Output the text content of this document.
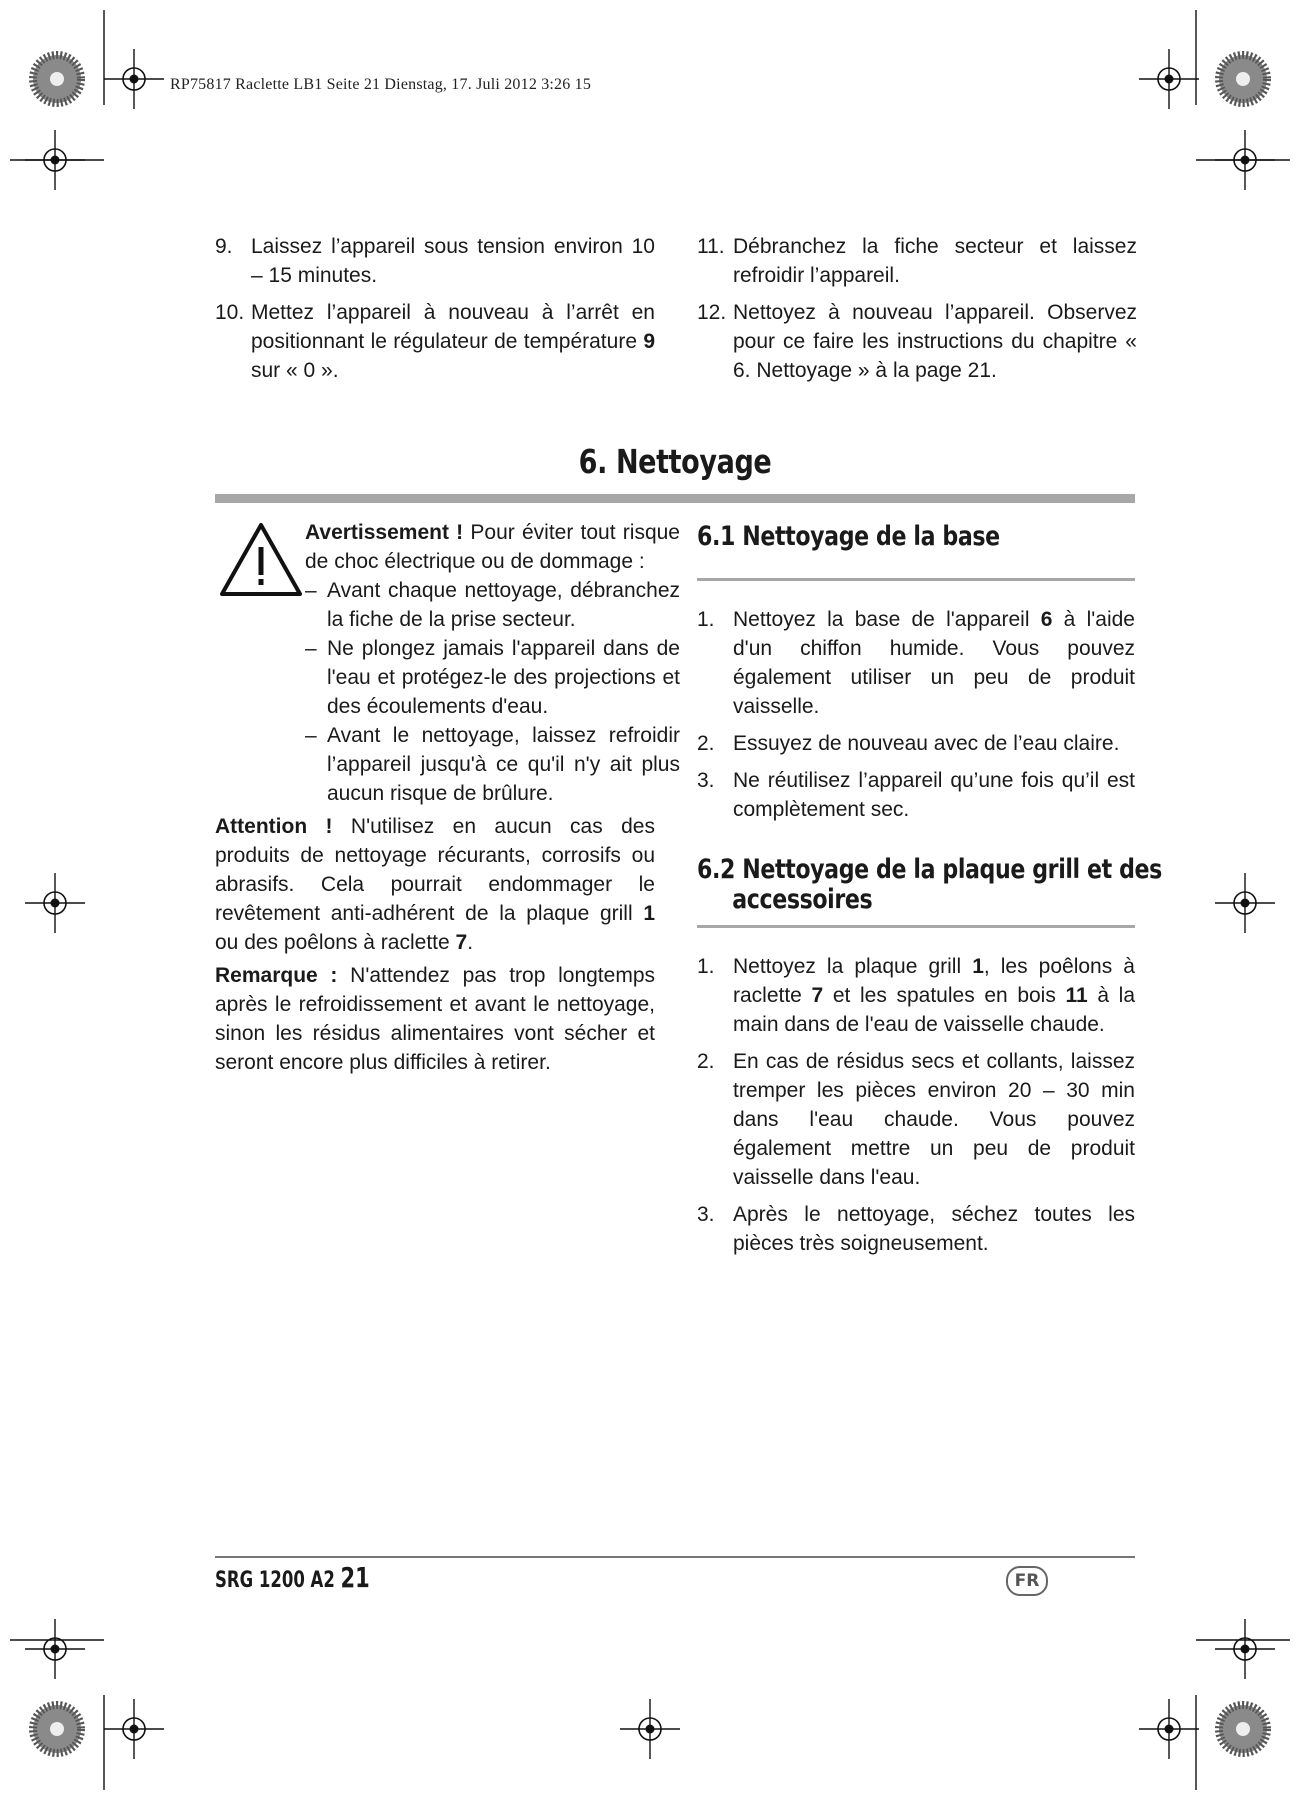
RP75817 Raclette LB1 Seite 21 Dienstag, 17. Juli 2012 3:26 15
9. Laissez l’appareil sous tension environ 10 – 15 minutes.
10. Mettez l’appareil à nouveau à l’arrêt en positionnant le régulateur de température 9 sur « 0 ».
11. Débranchez la fiche secteur et laissez refroidir l’appareil.
12. Nettoyez à nouveau l’appareil. Observez pour ce faire les instructions du chapitre « 6. Nettoyage » à la page 21.
6. Nettoyage
Avertissement ! Pour éviter tout risque de choc électrique ou de dommage :
– Avant chaque nettoyage, débranchez la fiche de la prise secteur.
– Ne plongez jamais l'appareil dans de l'eau et protégez-le des projections et des écoulements d'eau.
– Avant le nettoyage, laissez refroidir l’appareil jusqu'à ce qu'il n'y ait plus aucun risque de brûlure.
Attention ! N'utilisez en aucun cas des produits de nettoyage récurants, corrosifs ou abrasifs. Cela pourrait endommager le revêtement anti-adhérent de la plaque grill 1 ou des poêlons à raclette 7.
Remarque : N'attendez pas trop longtemps après le refroidissement et avant le nettoyage, sinon les résidus alimentaires vont sécher et seront encore plus difficiles à retirer.
6.1 Nettoyage de la base
1. Nettoyez la base de l'appareil 6 à l'aide d'un chiffon humide. Vous pouvez également utiliser un peu de produit vaisselle.
2. Essuyez de nouveau avec de l’eau claire.
3. Ne réutilisez l’appareil qu’une fois qu’il est complètement sec.
6.2 Nettoyage de la plaque grill et des
accessoires
1. Nettoyez la plaque grill 1, les poêlons à raclette 7 et les spatules en bois 11 à la main dans de l'eau de vaisselle chaude.
2. En cas de résidus secs et collants, laissez tremper les pièces environ 20 – 30 min dans l'eau chaude. Vous pouvez également mettre un peu de produit vaisselle dans l'eau.
3. Après le nettoyage, séchez toutes les pièces très soigneusement.
SRG 1200 A2 21	FR
